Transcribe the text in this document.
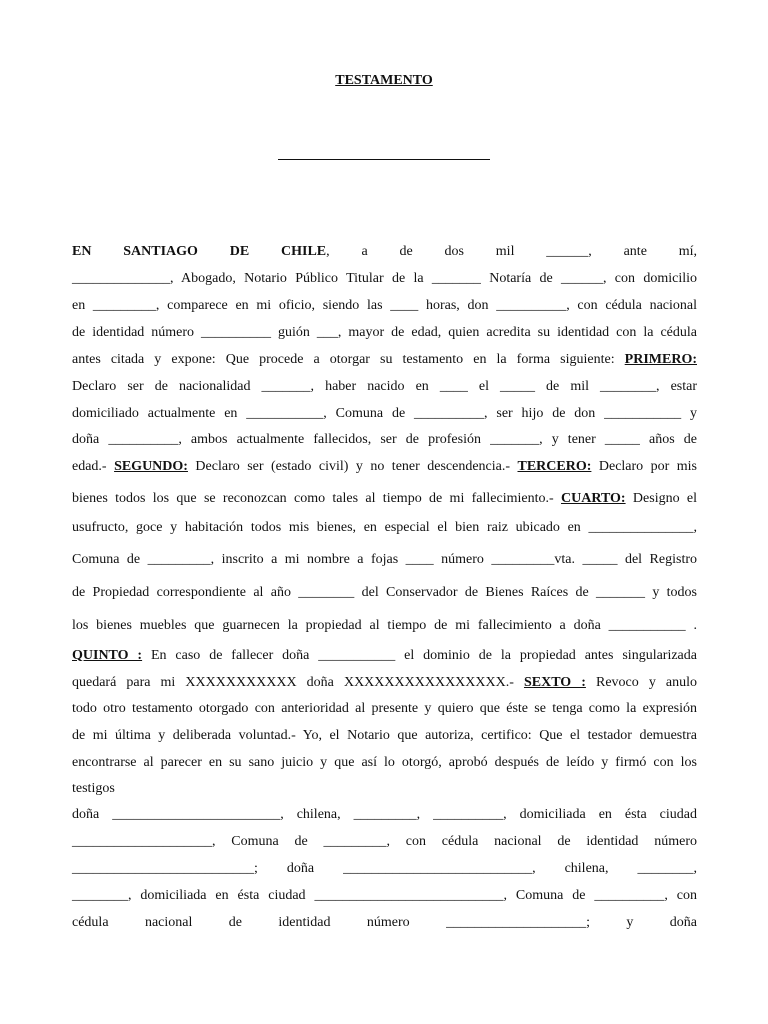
TESTAMENTO
EN SANTIAGO DE CHILE, a de dos mil ______, ante mí,
______________, Abogado, Notario Público Titular de la _______ Notaría de ______, con domicilio
en _________, comparece en mi oficio, siendo las ____ horas, don __________, con cédula nacional
de identidad número __________ guión ___, mayor de edad, quien acredita su identidad con la cédula
antes citada y expone: Que procede a otorgar su testamento en la forma siguiente: PRIMERO:
Declaro ser de nacionalidad _______, haber nacido en ____ el _____ de mil ________, estar
domiciliado actualmente en ___________, Comuna de __________, ser hijo de don ___________ y
doña __________, ambos actualmente fallecidos, ser de profesión _______, y tener _____ años de
edad.- SEGUNDO: Declaro ser (estado civil) y no tener descendencia.- TERCERO: Declaro por mis
bienes todos los que se reconozcan como tales al tiempo de mi fallecimiento.- CUARTO: Designo el
usufructo, goce y habitación todos mis bienes, en especial el bien raiz ubicado en _______________,
Comuna de _________, inscrito a mi nombre a fojas ____ número _________vta. _____ del Registro
de Propiedad correspondiente al año ________ del Conservador de Bienes Raíces de _______ y todos
los bienes muebles que guarnecen la propiedad al tiempo de mi fallecimiento a doña ___________ .
QUINTO : En caso de fallecer doña ___________ el dominio de la propiedad antes singularizada
quedará para mi XXXXXXXXXXX doña XXXXXXXXXXXXXXXX.- SEXTO : Revoco y anulo
todo otro testamento otorgado con anterioridad al presente y quiero que éste se tenga como la expresión
de mi última y deliberada voluntad.- Yo, el Notario que autoriza, certifico: Que el testador demuestra
encontrarse al parecer en su sano juicio y que así lo otorgó, aprobó después de leído y firmó con los
testigos
doña ________________________, chilena, _________, __________, domiciliada en ésta ciudad
____________________, Comuna de _________, con cédula nacional de identidad número
__________________________; doña ___________________________, chilena, ________,
________, domiciliada en ésta ciudad ___________________________, Comuna de __________, con
cédula nacional de identidad número ____________________; y doña
